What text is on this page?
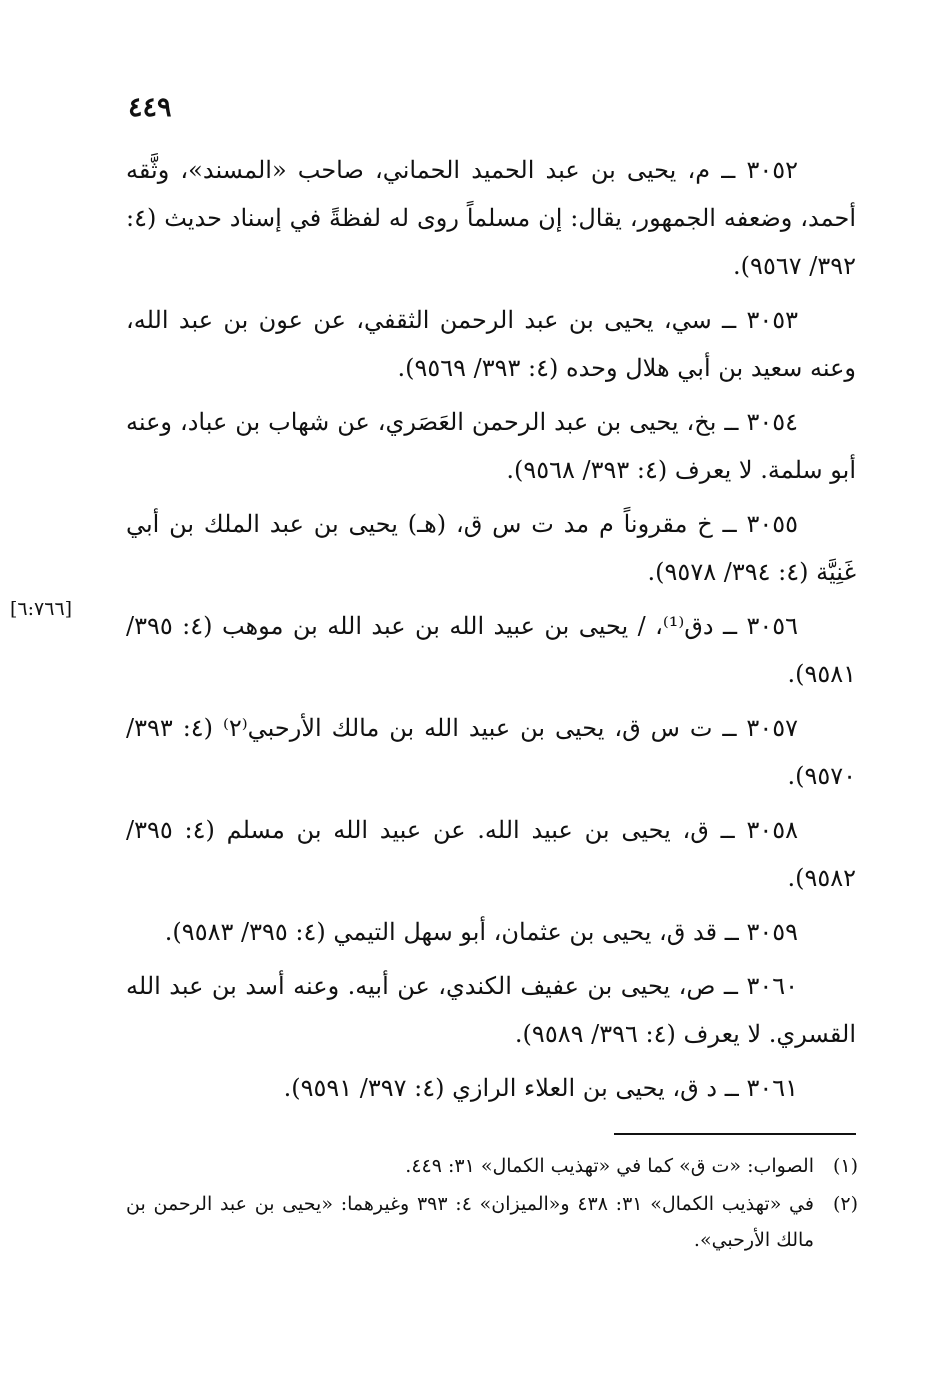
٤٤٩
[٦:٧٦٦]

٣٠٥٢ ــ م، يحيى بن عبد الحميد الحماني، صاحب «المسند»، وثَّقه أحمد، وضعفه الجمهور، يقال: إن مسلماً روى له لفظةً في إسناد حديث (٤: ٣٩٢/ ٩٥٦٧).

٣٠٥٣ ــ سي، يحيى بن عبد الرحمن الثقفي، عن عون بن عبد الله، وعنه سعيد بن أبي هلال وحده (٤: ٣٩٣/ ٩٥٦٩).

٣٠٥٤ ــ بخ، يحيى بن عبد الرحمن العَصَري، عن شهاب بن عباد، وعنه أبو سلمة. لا يعرف (٤: ٣٩٣/ ٩٥٦٨).

٣٠٥٥ ــ خ مقروناً م مد ت س ق، (هـ) يحيى بن عبد الملك بن أبي غَنِيَّة (٤: ٣٩٤/ ٩٥٧٨).

٣٠٥٦ ــ دق⁽¹⁾، / يحيى بن عبيد الله بن عبد الله بن موهب (٤: ٣٩٥/ ٩٥٨١).

٣٠٥٧ ــ ت س ق، يحيى بن عبيد الله بن مالك الأرحبي⁽٢⁾ (٤: ٣٩٣/ ٩٥٧٠).

٣٠٥٨ ــ ق، يحيى بن عبيد الله. عن عبيد الله بن مسلم (٤: ٣٩٥/ ٩٥٨٢).

٣٠٥٩ ــ قد ق، يحيى بن عثمان، أبو سهل التيمي (٤: ٣٩٥/ ٩٥٨٣).

٣٠٦٠ ــ ص، يحيى بن عفيف الكندي، عن أبيه. وعنه أسد بن عبد الله القسري. لا يعرف (٤: ٣٩٦/ ٩٥٨٩).

٣٠٦١ ــ د ق، يحيى بن العلاء الرازي (٤: ٣٩٧/ ٩٥٩١).

(١)
الصواب: «ت ق» كما في «تهذيب الكمال» ٣١: ٤٤٩.

(٢)
في «تهذيب الكمال» ٣١: ٤٣٨ و«الميزان» ٤: ٣٩٣ وغيرهما: «يحيى بن عبد الرحمن بن مالك الأرحبي».
